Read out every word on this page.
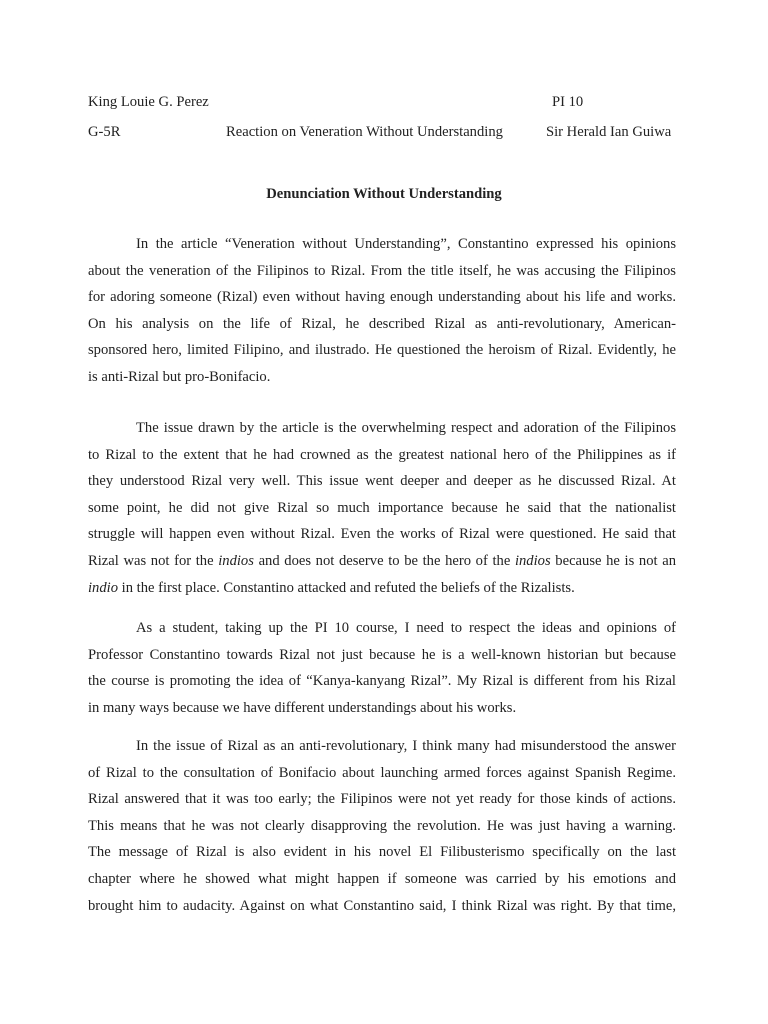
King Louie G. Perez	PI 10
G-5R	Reaction on Veneration Without Understanding	Sir Herald Ian Guiwa
Denunciation Without Understanding
In the article “Veneration without Understanding”, Constantino expressed his opinions
about the veneration of the Filipinos to Rizal. From the title itself, he was accusing the Filipinos
for adoring someone (Rizal) even without having enough understanding about his life and works.
On his analysis on the life of Rizal, he described Rizal as anti-revolutionary, American-
sponsored hero, limited Filipino, and ilustrado. He questioned the heroism of Rizal. Evidently, he
is anti-Rizal but pro-Bonifacio.
The issue drawn by the article is the overwhelming respect and adoration of the Filipinos
to Rizal to the extent that he had crowned as the greatest national hero of the Philippines as if
they understood Rizal very well. This issue went deeper and deeper as he discussed Rizal. At
some point, he did not give Rizal so much importance because he said that the nationalist
struggle will happen even without Rizal. Even the works of Rizal were questioned. He said that
Rizal was not for the indios and does not deserve to be the hero of the indios because he is not an
indio in the first place. Constantino attacked and refuted the beliefs of the Rizalists.
As a student, taking up the PI 10 course, I need to respect the ideas and opinions of
Professor Constantino towards Rizal not just because he is a well-known historian but because
the course is promoting the idea of “Kanya-kanyang Rizal”. My Rizal is different from his Rizal
in many ways because we have different understandings about his works.
In the issue of Rizal as an anti-revolutionary, I think many had misunderstood the answer
of Rizal to the consultation of Bonifacio about launching armed forces against Spanish Regime.
Rizal answered that it was too early; the Filipinos were not yet ready for those kinds of actions.
This means that he was not clearly disapproving the revolution. He was just having a warning.
The message of Rizal is also evident in his novel El Filibusterismo specifically on the last
chapter where he showed what might happen if someone was carried by his emotions and
brought him to audacity. Against on what Constantino said, I think Rizal was right. By that time,
